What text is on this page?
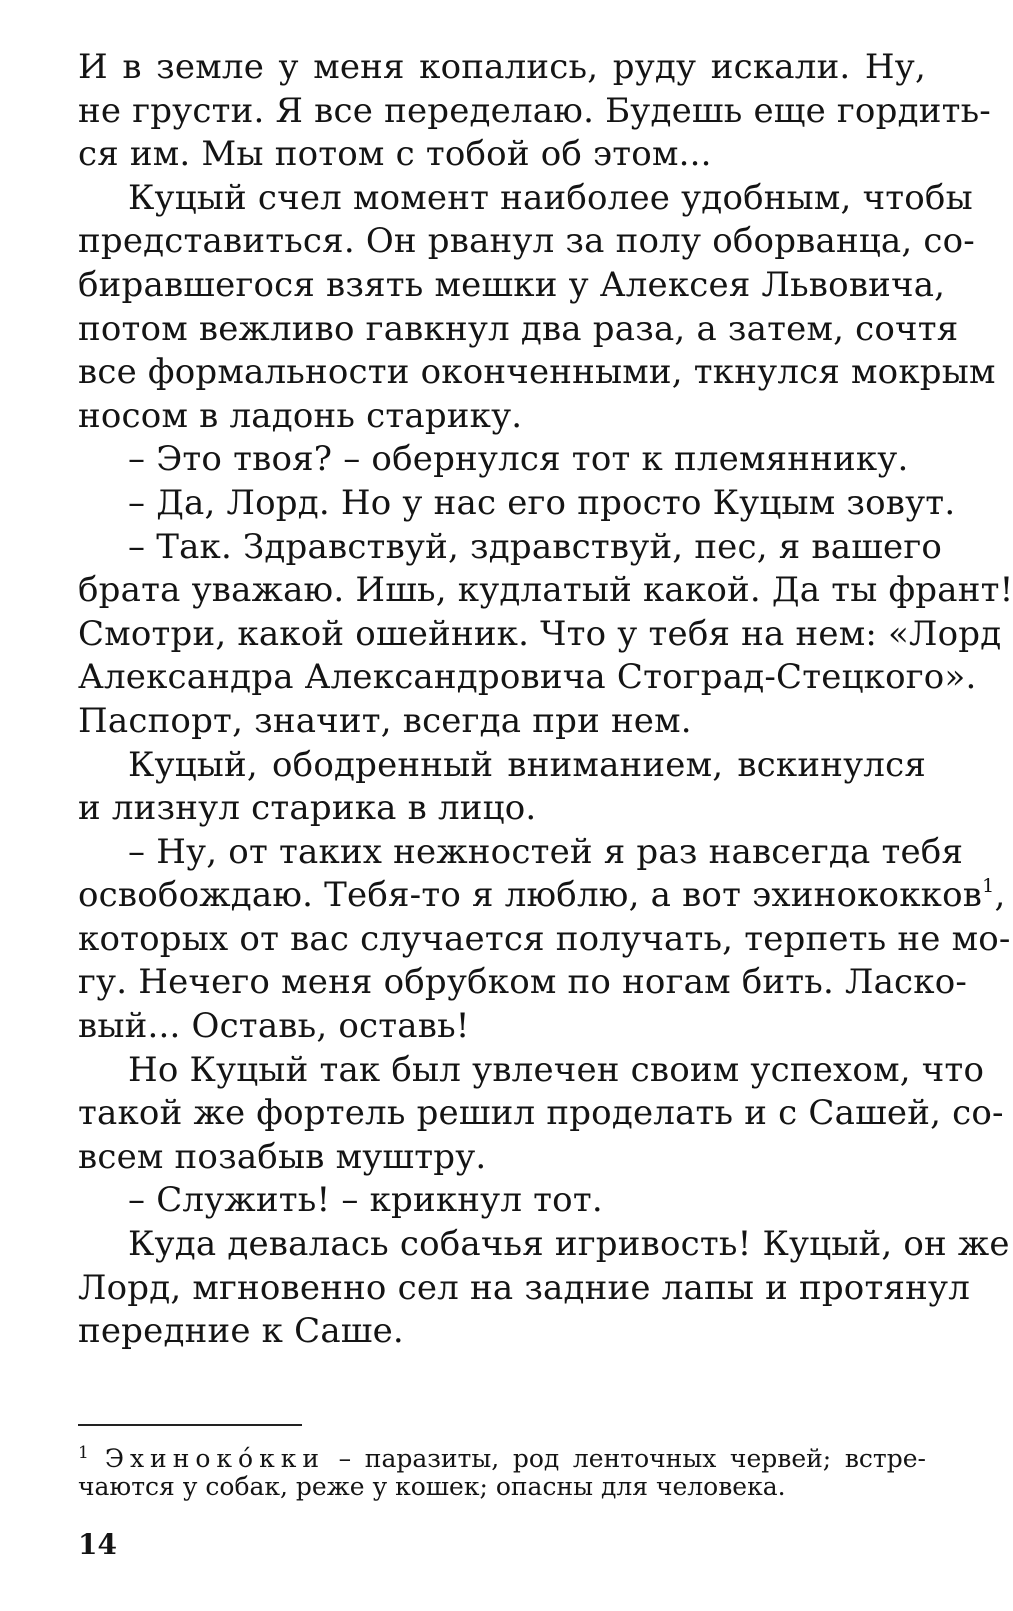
И в земле у меня копались, руду искали. Ну,
не грусти. Я все переделаю. Будешь еще гордить-
ся им. Мы потом с тобой об этом...
Куцый счел момент наиболее удобным, чтобы
представиться. Он рванул за полу оборванца, со-
биравшегося взять мешки у Алексея Львовича,
потом вежливо гавкнул два раза, а затем, сочтя
все формальности оконченными, ткнулся мокрым
носом в ладонь старику.
– Это твоя? – обернулся тот к племяннику.
– Да, Лорд. Но у нас его просто Куцым зовут.
– Так. Здравствуй, здравствуй, пес, я вашего
брата уважаю. Ишь, кудлатый какой. Да ты франт!
Смотри, какой ошейник. Что у тебя на нем: «Лорд
Александра Александровича Стоград-Стецкого».
Паспорт, значит, всегда при нем.
Куцый, ободренный вниманием, вскинулся
и лизнул старика в лицо.
– Ну, от таких нежностей я раз навсегда тебя
освобождаю. Тебя-то я люблю, а вот эхинококков$^1$,
которых от вас случается получать, терпеть не мо-
гу. Нечего меня обрубком по ногам бить. Ласко-
вый... Оставь, оставь!
Но Куцый так был увлечен своим успехом, что
такой же фортель решил проделать и с Сашей, со-
всем позабыв муштру.
– Служить! – крикнул тот.
Куда девалась собачья игривость! Куцый, он же
Лорд, мгновенно сел на задние лапы и протянул
передние к Саше.
$^1$ Эхинокóкки – паразиты, род ленточных червей; встре-
чаются у собак, реже у кошек; опасны для человека.
14
